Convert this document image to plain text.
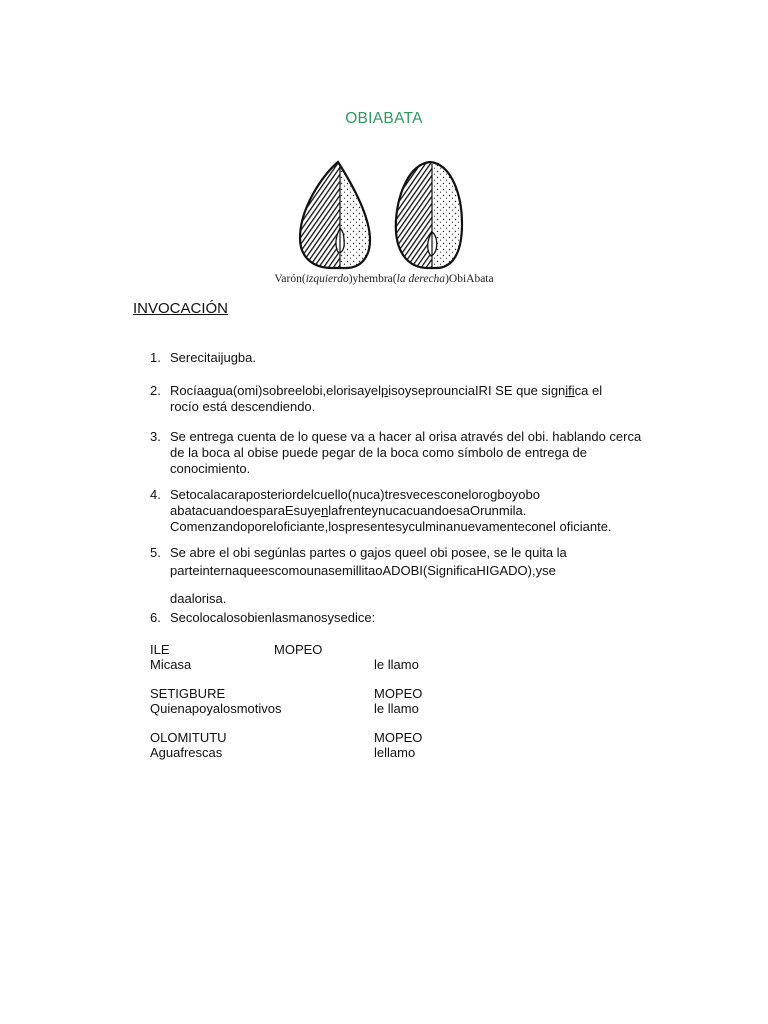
OBIABATA
Varón(izquierdo)yhembra(la derecha)ObiAbata
INVOCACIÓN
1. Serecitaijugba.
2. Rocíaagua(omi)sobreelobi,elorisayelpisoyseprounciaIRI SE que significa el
rocío está descendiendo.
3. Se entrega cuenta de lo quese va a hacer al orisa através del obi. hablando cerca de la boca al obise puede pegar de la boca como símbolo de entrega de conocimiento.
4. Setocalacaraposteriordelcuello(nuca)tresvecesconelorogboyobo
abatacuandoesparaEsuyenlafrenteynucacuandoesaOrunmila.
Comenzandoporeloficiante,lospresentesyculminanuevamenteconel oficiante.
5. Se abre el obi segúnlas partes o gajos queel obi posee, se le quita la
parteinternaqueescomounasemillitaoADOBI(SignificaHIGADO),yse
daalorisa.
6. Secolocalosobienlasmanosysedice:
ILE	MOPEO
Micasa	le llamo
SETIGBURE	MOPEO
Quienapoyalosmotivos	le llamo
OLOMITUTU	MOPEO
Aguafrescas	lellamo
